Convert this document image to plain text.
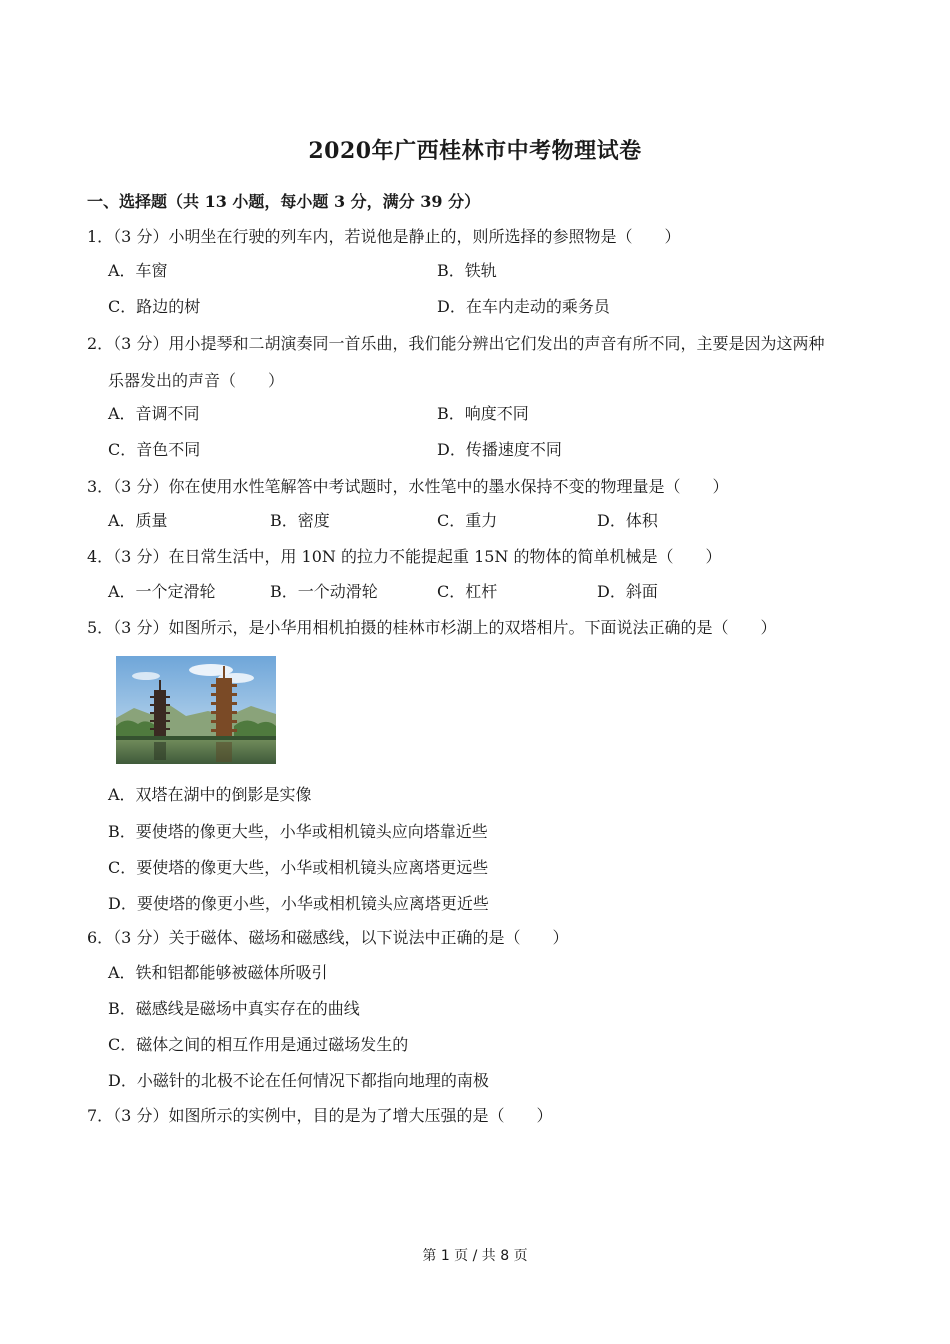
2020年广西桂林市中考物理试卷
一、选择题（共 13 小题，每小题 3 分，满分 39 分）
1．（3 分）小明坐在行驶的列车内，若说他是静止的，则所选择的参照物是（　　）
A．车窗	B．铁轨
C．路边的树	D．在车内走动的乘务员
2．（3 分）用小提琴和二胡演奏同一首乐曲，我们能分辨出它们发出的声音有所不同，主要是因为这两种
乐器发出的声音（　　）
A．音调不同	B．响度不同
C．音色不同	D．传播速度不同
3．（3 分）你在使用水性笔解答中考试题时，水性笔中的墨水保持不变的物理量是（　　）
A．质量	B．密度	C．重力	D．体积
4．（3 分）在日常生活中，用 10N 的拉力不能提起重 15N 的物体的简单机械是（　　）
A．一个定滑轮	B．一个动滑轮	C．杠杆	D．斜面
5．（3 分）如图所示，是小华用相机拍摄的桂林市杉湖上的双塔相片。下面说法正确的是（　　）
A．双塔在湖中的倒影是实像
B．要使塔的像更大些，小华或相机镜头应向塔靠近些
C．要使塔的像更大些，小华或相机镜头应离塔更远些
D．要使塔的像更小些，小华或相机镜头应离塔更近些
6．（3 分）关于磁体、磁场和磁感线，以下说法中正确的是（　　）
A．铁和铝都能够被磁体所吸引
B．磁感线是磁场中真实存在的曲线
C．磁体之间的相互作用是通过磁场发生的
D．小磁针的北极不论在任何情况下都指向地理的南极
7．（3 分）如图所示的实例中，目的是为了增大压强的是（　　）
第 1 页 / 共 8 页
